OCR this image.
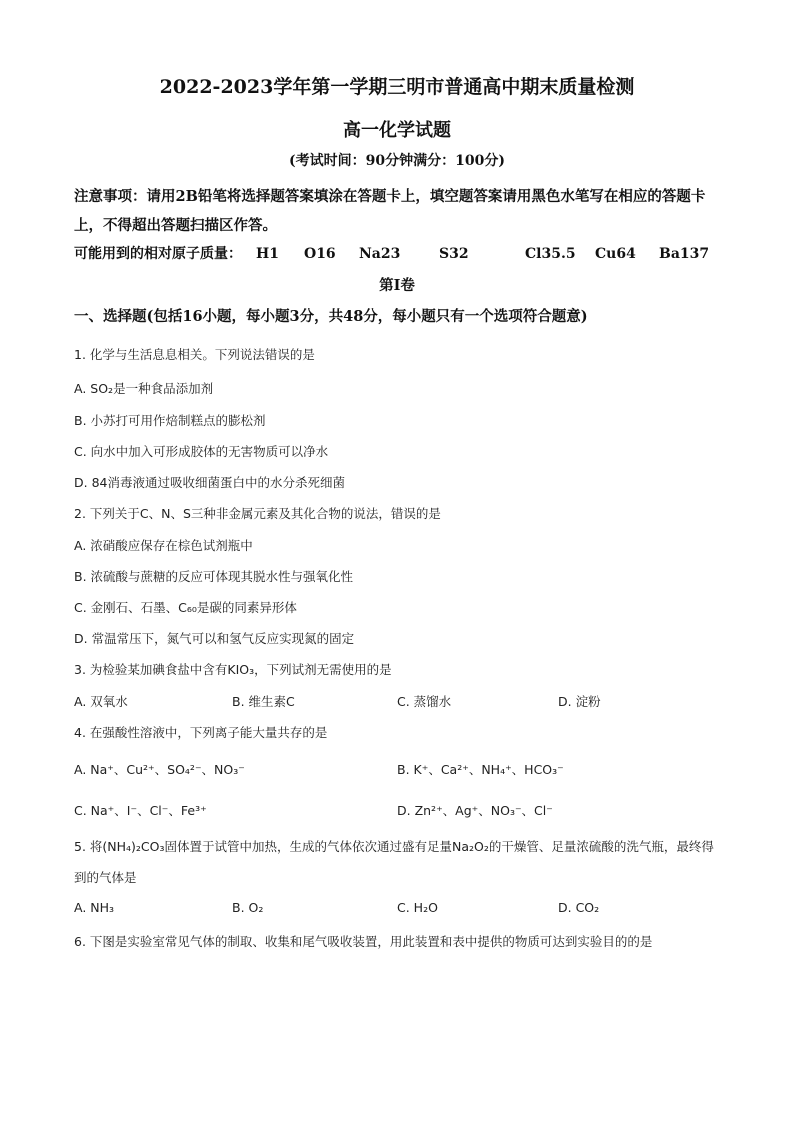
2022-2023学年第一学期三明市普通高中期末质量检测
高一化学试题
(考试时间：90分钟满分：100分)
注意事项：请用2B铅笔将选择题答案填涂在答题卡上，填空题答案请用黑色水笔写在相应的答题卡上，不得超出答题扫描区作答。
可能用到的相对原子质量： H1 O16 Na23	S32	Cl35.5 Cu64 Ba137
第I卷
一、选择题(包括16小题，每小题3分，共48分，每小题只有一个选项符合题意)
1. 化学与生活息息相关。下列说法错误的是
A. SO₂是一种食品添加剂
B. 小苏打可用作焙制糕点的膨松剂
C. 向水中加入可形成胶体的无害物质可以净水
D. 84消毒液通过吸收细菌蛋白中的水分杀死细菌
2. 下列关于C、N、S三种非金属元素及其化合物的说法，错误的是
A. 浓硝酸应保存在棕色试剂瓶中
B. 浓硫酸与蔗糖的反应可体现其脱水性与强氧化性
C. 金刚石、石墨、C₆₀是碳的同素异形体
D. 常温常压下，氮气可以和氢气反应实现氮的固定
3. 为检验某加碘食盐中含有KIO₃，下列试剂无需使用的是
A. 双氧水	B. 维生素C	C. 蒸馏水	D. 淀粉
4. 在强酸性溶液中，下列离子能大量共存的是
A. Na⁺、Cu²⁺、SO₄²⁻、NO₃⁻	B. K⁺、Ca²⁺、NH₄⁺、HCO₃⁻
C. Na⁺、I⁻、Cl⁻、Fe³⁺	D. Zn²⁺、Ag⁺、NO₃⁻、Cl⁻
5. 将(NH₄)₂CO₃固体置于试管中加热，生成的气体依次通过盛有足量Na₂O₂的干燥管、足量浓硫酸的洗气瓶，最终得到的气体是
A. NH₃	B. O₂	C. H₂O	D. CO₂
6. 下图是实验室常见气体的制取、收集和尾气吸收装置，用此装置和表中提供的物质可达到实验目的的是
